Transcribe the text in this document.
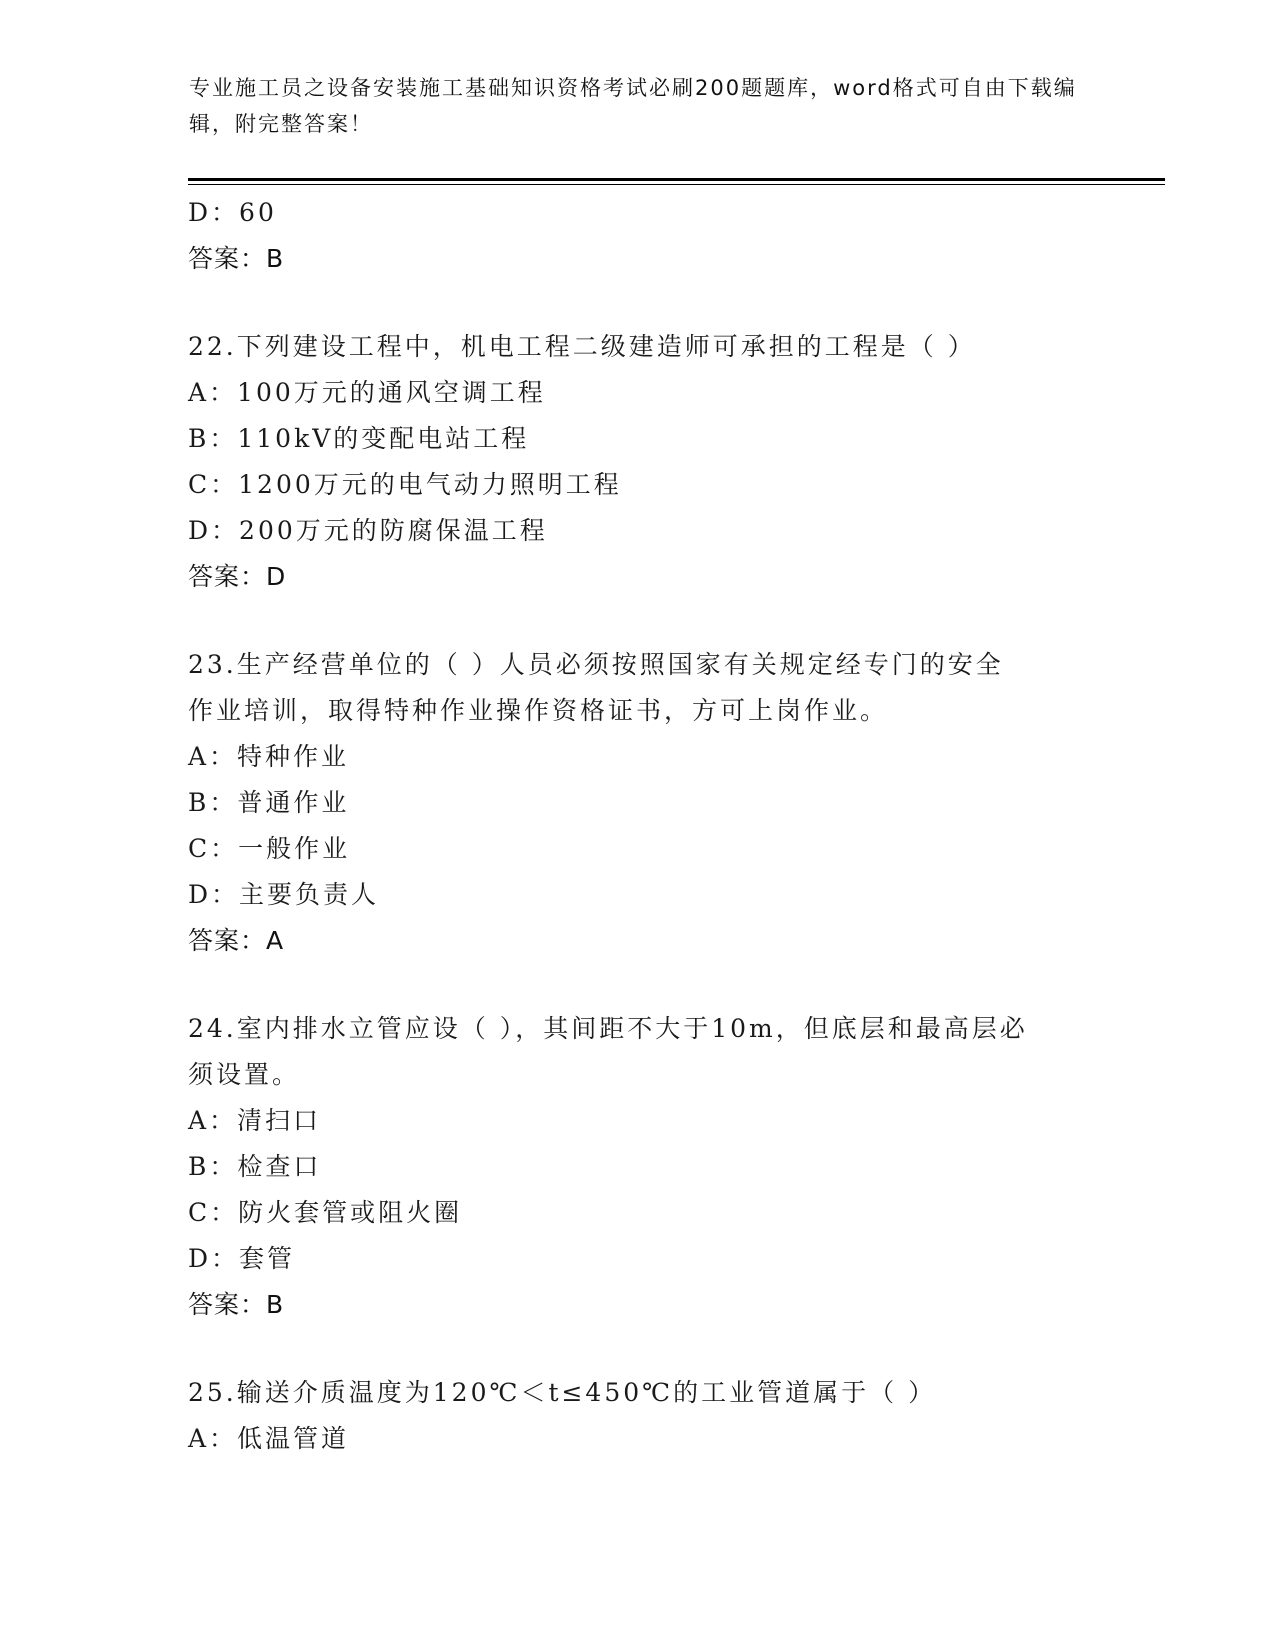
专业施工员之设备安装施工基础知识资格考试必刷200题题库，word格式可自由下载编辑，附完整答案！
D：60
答案：B
22.下列建设工程中，机电工程二级建造师可承担的工程是（ ）
A：100万元的通风空调工程
B：110kV的变配电站工程
C：1200万元的电气动力照明工程
D：200万元的防腐保温工程
答案：D
23.生产经营单位的（ ）人员必须按照国家有关规定经专门的安全作业培训，取得特种作业操作资格证书，方可上岗作业。
A：特种作业
B：普通作业
C：一般作业
D：主要负责人
答案：A
24.室内排水立管应设（ ），其间距不大于10m，但底层和最高层必须设置。
A：清扫口
B：检查口
C：防火套管或阻火圈
D：套管
答案：B
25.输送介质温度为120℃＜t≤450℃的工业管道属于（ ）
A：低温管道
